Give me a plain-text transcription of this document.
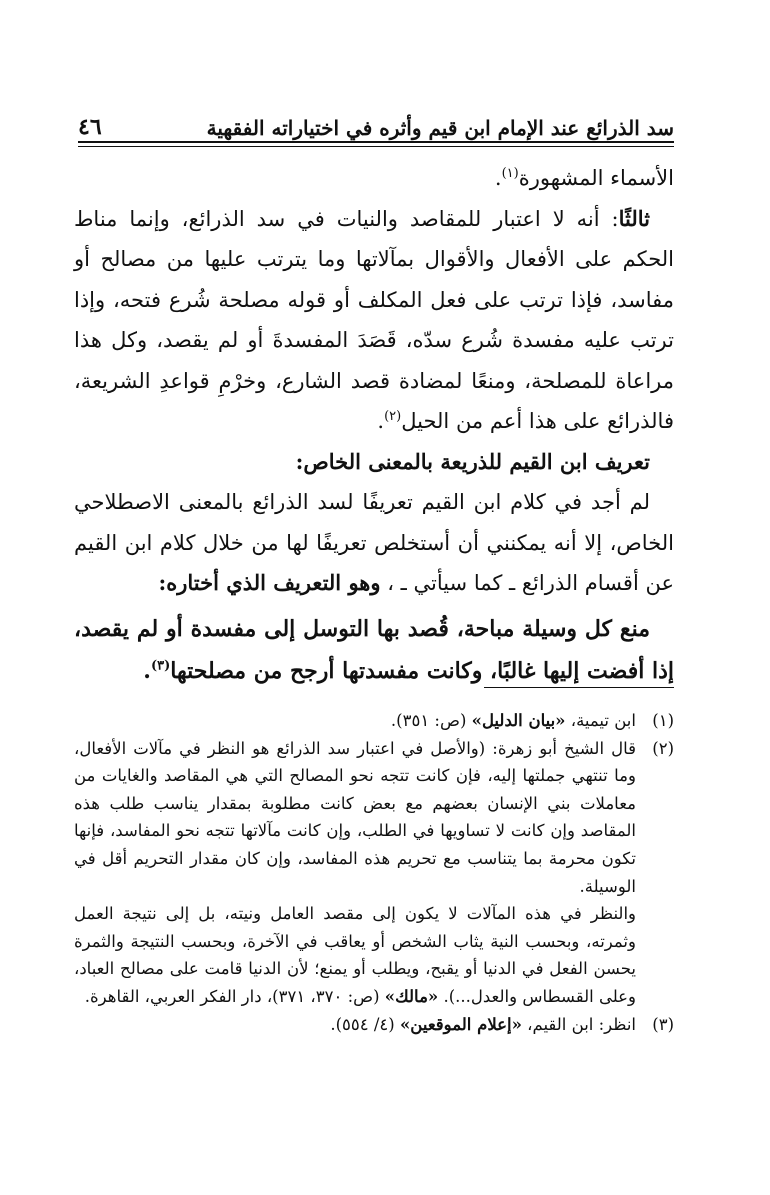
سد الذرائع عند الإمام ابن قيم وأثره في اختياراته الفقهية
٤٦

الأسماء المشهورة$^{(١)}$.

ثالثًا: أنه لا اعتبار للمقاصد والنيات في سد الذرائع، وإنما مناط الحكم على الأفعال والأقوال بمآلاتها وما يترتب عليها من مصالح أو مفاسد، فإذا ترتب على فعل المكلف أو قوله مصلحة شُرع فتحه، وإذا ترتب عليه مفسدة شُرع سدّه، قَصَدَ المفسدةَ أو لم يقصد، وكل هذا مراعاة للمصلحة، ومنعًا لمضادة قصد الشارع، وخرْمِ قواعدِ الشريعة، فالذرائع على هذا أعم من الحيل$^{(٢)}$.

تعريف ابن القيم للذريعة بالمعنى الخاص:

لم أجد في كلام ابن القيم تعريفًا لسد الذرائع بالمعنى الاصطلاحي الخاص، إلا أنه يمكنني أن أستخلص تعريفًا لها من خلال كلام ابن القيم عن أقسام الذرائع ـ كما سيأتي ـ ، وهو التعريف الذي أختاره:

منع كل وسيلة مباحة، قُصد بها التوسل إلى مفسدة أو لم يقصد، إذا أفضت إليها غالبًا، وكانت مفسدتها أرجح من مصلحتها$^{(٣)}$.

(١)
ابن تيمية، «بيان الدليل» (ص: ٣٥١).
(٢)

قال الشيخ أبو زهرة: (والأصل في اعتبار سد الذرائع هو النظر في مآلات الأفعال، وما تنتهي جملتها إليه، فإن كانت تتجه نحو المصالح التي هي المقاصد والغايات من معاملات بني الإنسان بعضهم مع بعض كانت مطلوبة بمقدار يناسب طلب هذه المقاصد وإن كانت لا تساويها في الطلب، وإن كانت مآلاتها تتجه نحو المفاسد، فإنها تكون محرمة بما يتناسب مع تحريم هذه المفاسد، وإن كان مقدار التحريم أقل في الوسيلة.

والنظر في هذه المآلات لا يكون إلى مقصد العامل ونيته، بل إلى نتيجة العمل وثمرته، وبحسب النية يثاب الشخص أو يعاقب في الآخرة، وبحسب النتيجة والثمرة يحسن الفعل في الدنيا أو يقبح، ويطلب أو يمنع؛ لأن الدنيا قامت على مصالح العباد، وعلى القسطاس والعدل...). «مالك» (ص: ٣٧٠، ٣٧١)، دار الفكر العربي، القاهرة.

(٣)
انظر: ابن القيم، «إعلام الموقعين» (٤/ ٥٥٤).
